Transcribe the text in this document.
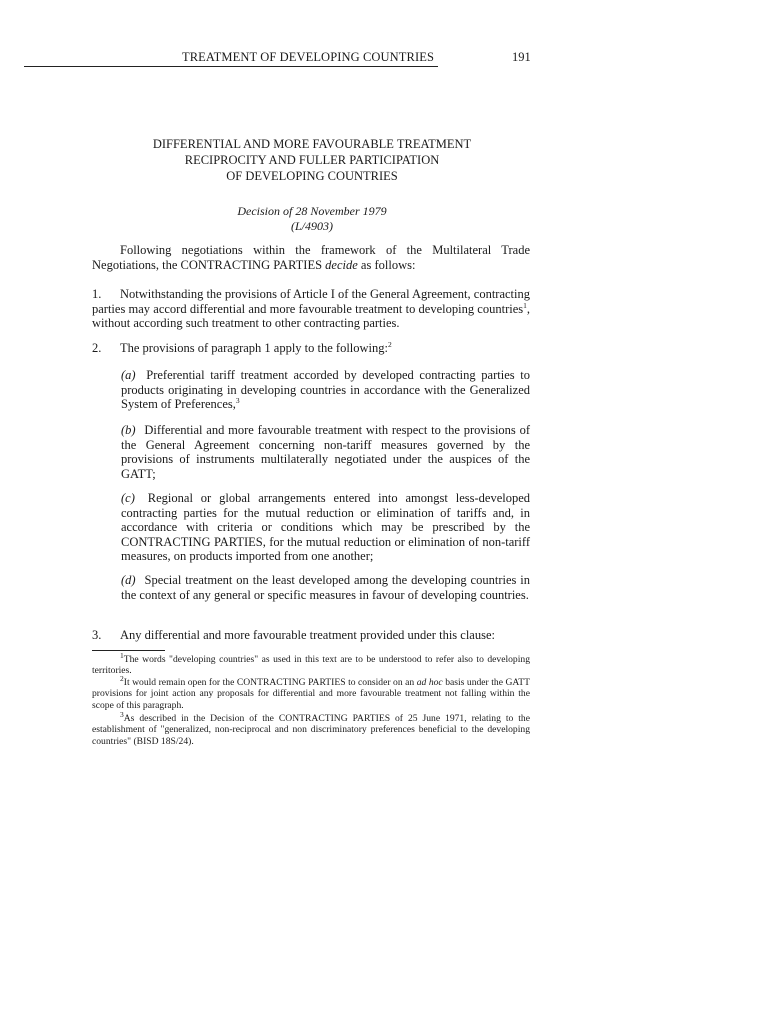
TREATMENT OF DEVELOPING COUNTRIES	191
DIFFERENTIAL AND MORE FAVOURABLE TREATMENT
RECIPROCITY AND FULLER PARTICIPATION
OF DEVELOPING COUNTRIES
Decision of 28 November 1979
(L/4903)
Following negotiations within the framework of the Multilateral Trade Negotiations, the CONTRACTING PARTIES decide as follows:
1. Notwithstanding the provisions of Article I of the General Agreement, contracting parties may accord differential and more favourable treatment to developing countries$^1$, without according such treatment to other contracting parties.
2. The provisions of paragraph 1 apply to the following:$^2$
(a) Preferential tariff treatment accorded by developed contracting parties to products originating in developing countries in accordance with the Generalized System of Preferences,$^3$
(b) Differential and more favourable treatment with respect to the provisions of the General Agreement concerning non-tariff measures governed by the provisions of instruments multilaterally negotiated under the auspices of the GATT;
(c) Regional or global arrangements entered into amongst less-developed contracting parties for the mutual reduction or elimination of tariffs and, in accordance with criteria or conditions which may be prescribed by the CONTRACTING PARTIES, for the mutual reduction or elimination of non-tariff measures, on products imported from one another;
(d) Special treatment on the least developed among the developing countries in the context of any general or specific measures in favour of developing countries.
3. Any differential and more favourable treatment provided under this clause:
$^1$The words "developing countries" as used in this text are to be understood to refer also to developing territories.
$^2$It would remain open for the CONTRACTING PARTIES to consider on an ad hoc basis under the GATT provisions for joint action any proposals for differential and more favourable treatment not falling within the scope of this paragraph.
$^3$As described in the Decision of the CONTRACTING PARTIES of 25 June 1971, relating to the establishment of "generalized, non-reciprocal and non discriminatory preferences beneficial to the developing countries" (BISD 18S/24).
